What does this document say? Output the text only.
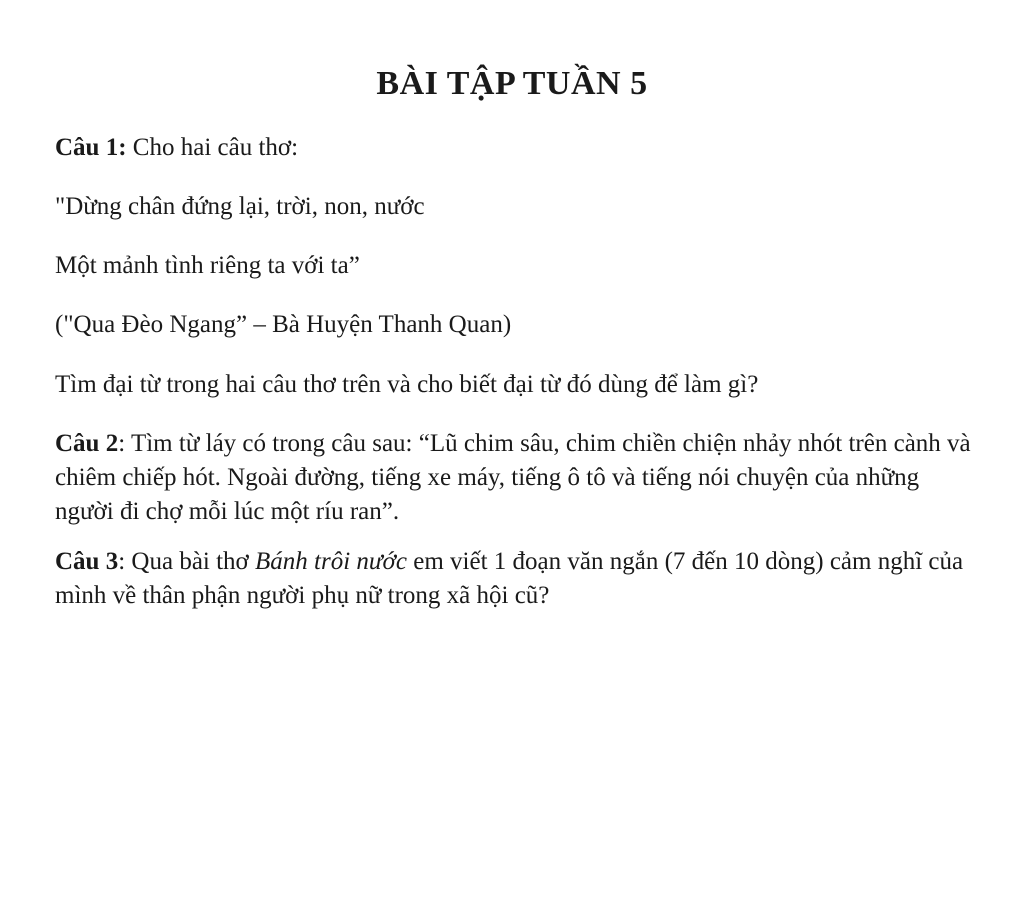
BÀI TẬP TUẦN 5
Câu 1: Cho hai câu thơ:
"Dừng chân đứng lại, trời, non, nước
Một mảnh tình riêng ta với ta”
("Qua Đèo Ngang” – Bà Huyện Thanh Quan)
Tìm đại từ trong hai câu thơ trên và cho biết đại từ đó dùng để làm gì?
Câu 2: Tìm từ láy có trong câu sau: “Lũ chim sâu, chim chiền chiện nhảy nhót trên cành và chiêm chiếp hót. Ngoài đường, tiếng xe máy, tiếng ô tô và tiếng nói chuyện của những người đi chợ mỗi lúc một ríu ran”.
Câu 3: Qua bài thơ Bánh trôi nước em viết 1 đoạn văn ngắn (7 đến 10 dòng) cảm nghĩ của mình về thân phận người phụ nữ trong xã hội cũ?
